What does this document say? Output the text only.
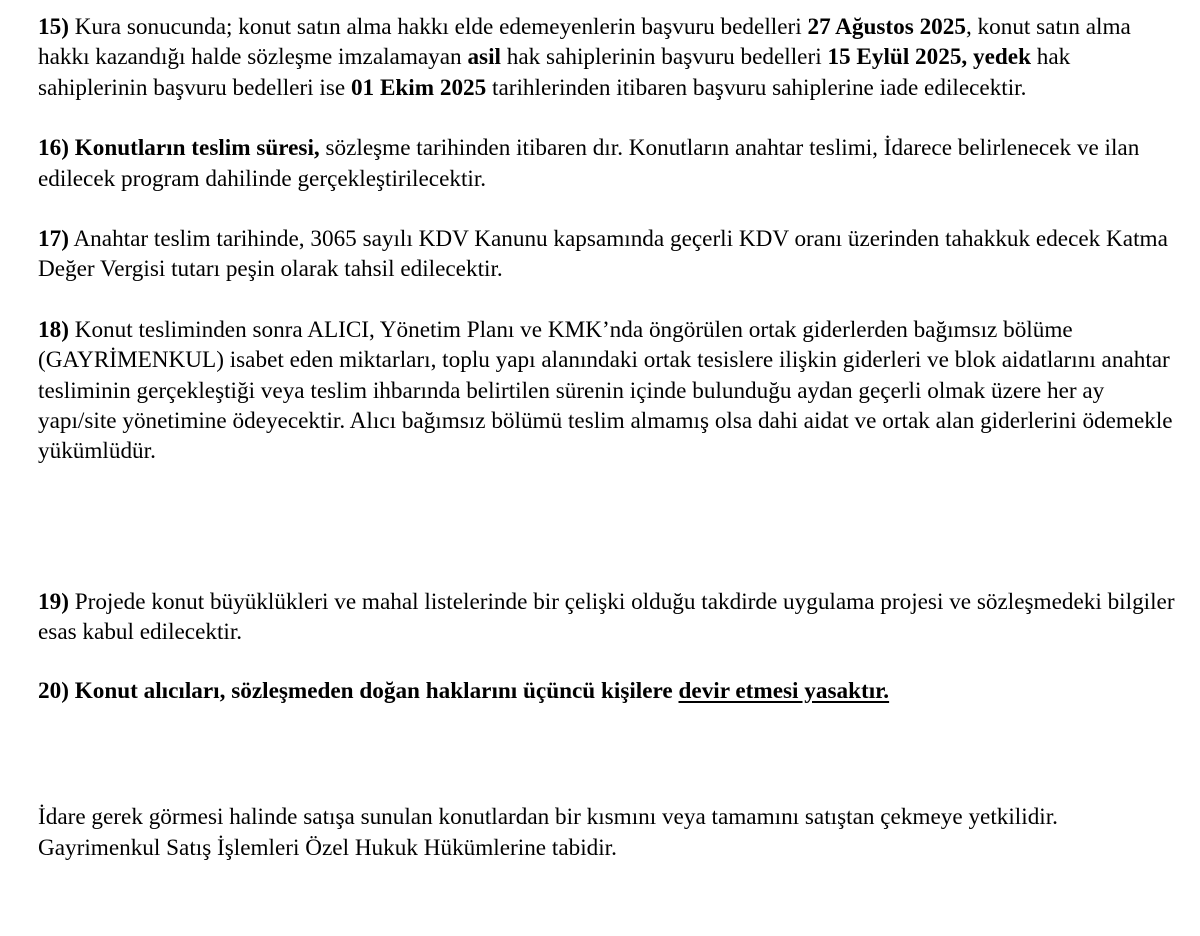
15) Kura sonucunda; konut satın alma hakkı elde edemeyenlerin başvuru bedelleri 27 Ağustos 2025, konut satın alma hakkı kazandığı halde sözleşme imzalamayan asil hak sahiplerinin başvuru bedelleri 15 Eylül 2025, yedek hak sahiplerinin başvuru bedelleri ise 01 Ekim 2025 tarihlerinden itibaren başvuru sahiplerine iade edilecektir.

16) Konutların teslim süresi, sözleşme tarihinden itibaren dır. Konutların anahtar teslimi, İdarece belirlenecek ve ilan edilecek program dahilinde gerçekleştirilecektir.

17) Anahtar teslim tarihinde, 3065 sayılı KDV Kanunu kapsamında geçerli KDV oranı üzerinden tahakkuk edecek Katma Değer Vergisi tutarı peşin olarak tahsil edilecektir.

18) Konut tesliminden sonra ALICI, Yönetim Planı ve KMK’nda öngörülen ortak giderlerden bağımsız bölüme (GAYRİMENKUL) isabet eden miktarları, toplu yapı alanındaki ortak tesislere ilişkin giderleri ve blok aidatlarını anahtar tesliminin gerçekleştiği veya teslim ihbarında belirtilen sürenin içinde bulunduğu aydan geçerli olmak üzere her ay yapı/site yönetimine ödeyecektir. Alıcı bağımsız bölümü teslim almamış olsa dahi aidat ve ortak alan giderlerini ödemekle yükümlüdür.

19) Projede konut büyüklükleri ve mahal listelerinde bir çelişki olduğu takdirde uygulama projesi ve sözleşmedeki bilgiler esas kabul edilecektir.

20) Konut alıcıları, sözleşmeden doğan haklarını üçüncü kişilere devir etmesi yasaktır.

İdare gerek görmesi halinde satışa sunulan konutlardan bir kısmını veya tamamını satıştan çekmeye yetkilidir.

Gayrimenkul Satış İşlemleri Özel Hukuk Hükümlerine tabidir.
